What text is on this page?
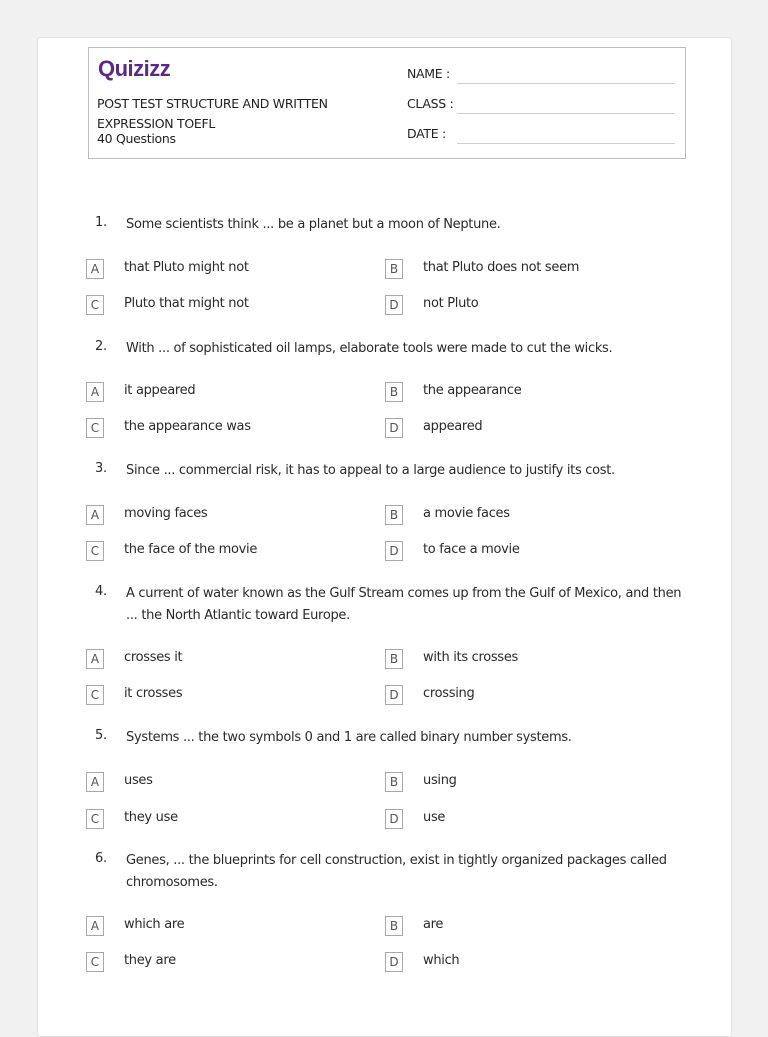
Quizizz
POST TEST STRUCTURE AND WRITTEN EXPRESSION TOEFL
40 Questions
NAME :
CLASS :
DATE :
1.	Some scientists think ... be a planet but a moon of Neptune.
A	that Pluto might not	B	that Pluto does not seem
C	Pluto that might not	D	not Pluto
2.	With ... of sophisticated oil lamps, elaborate tools were made to cut the wicks.
A	it appeared	B	the appearance
C	the appearance was	D	appeared
3.	Since ... commercial risk, it has to appeal to a large audience to justify its cost.
A	moving faces	B	a movie faces
C	the face of the movie	D	to face a movie
4.	A current of water known as the Gulf Stream comes up from the Gulf of Mexico, and then ... the North Atlantic toward Europe.
A	crosses it	B	with its crosses
C	it crosses	D	crossing
5.	Systems ... the two symbols 0 and 1 are called binary number systems.
A	uses	B	using
C	they use	D	use
6.	Genes, ... the blueprints for cell construction, exist in tightly organized packages called chromosomes.
A	which are	B	are
C	they are	D	which
